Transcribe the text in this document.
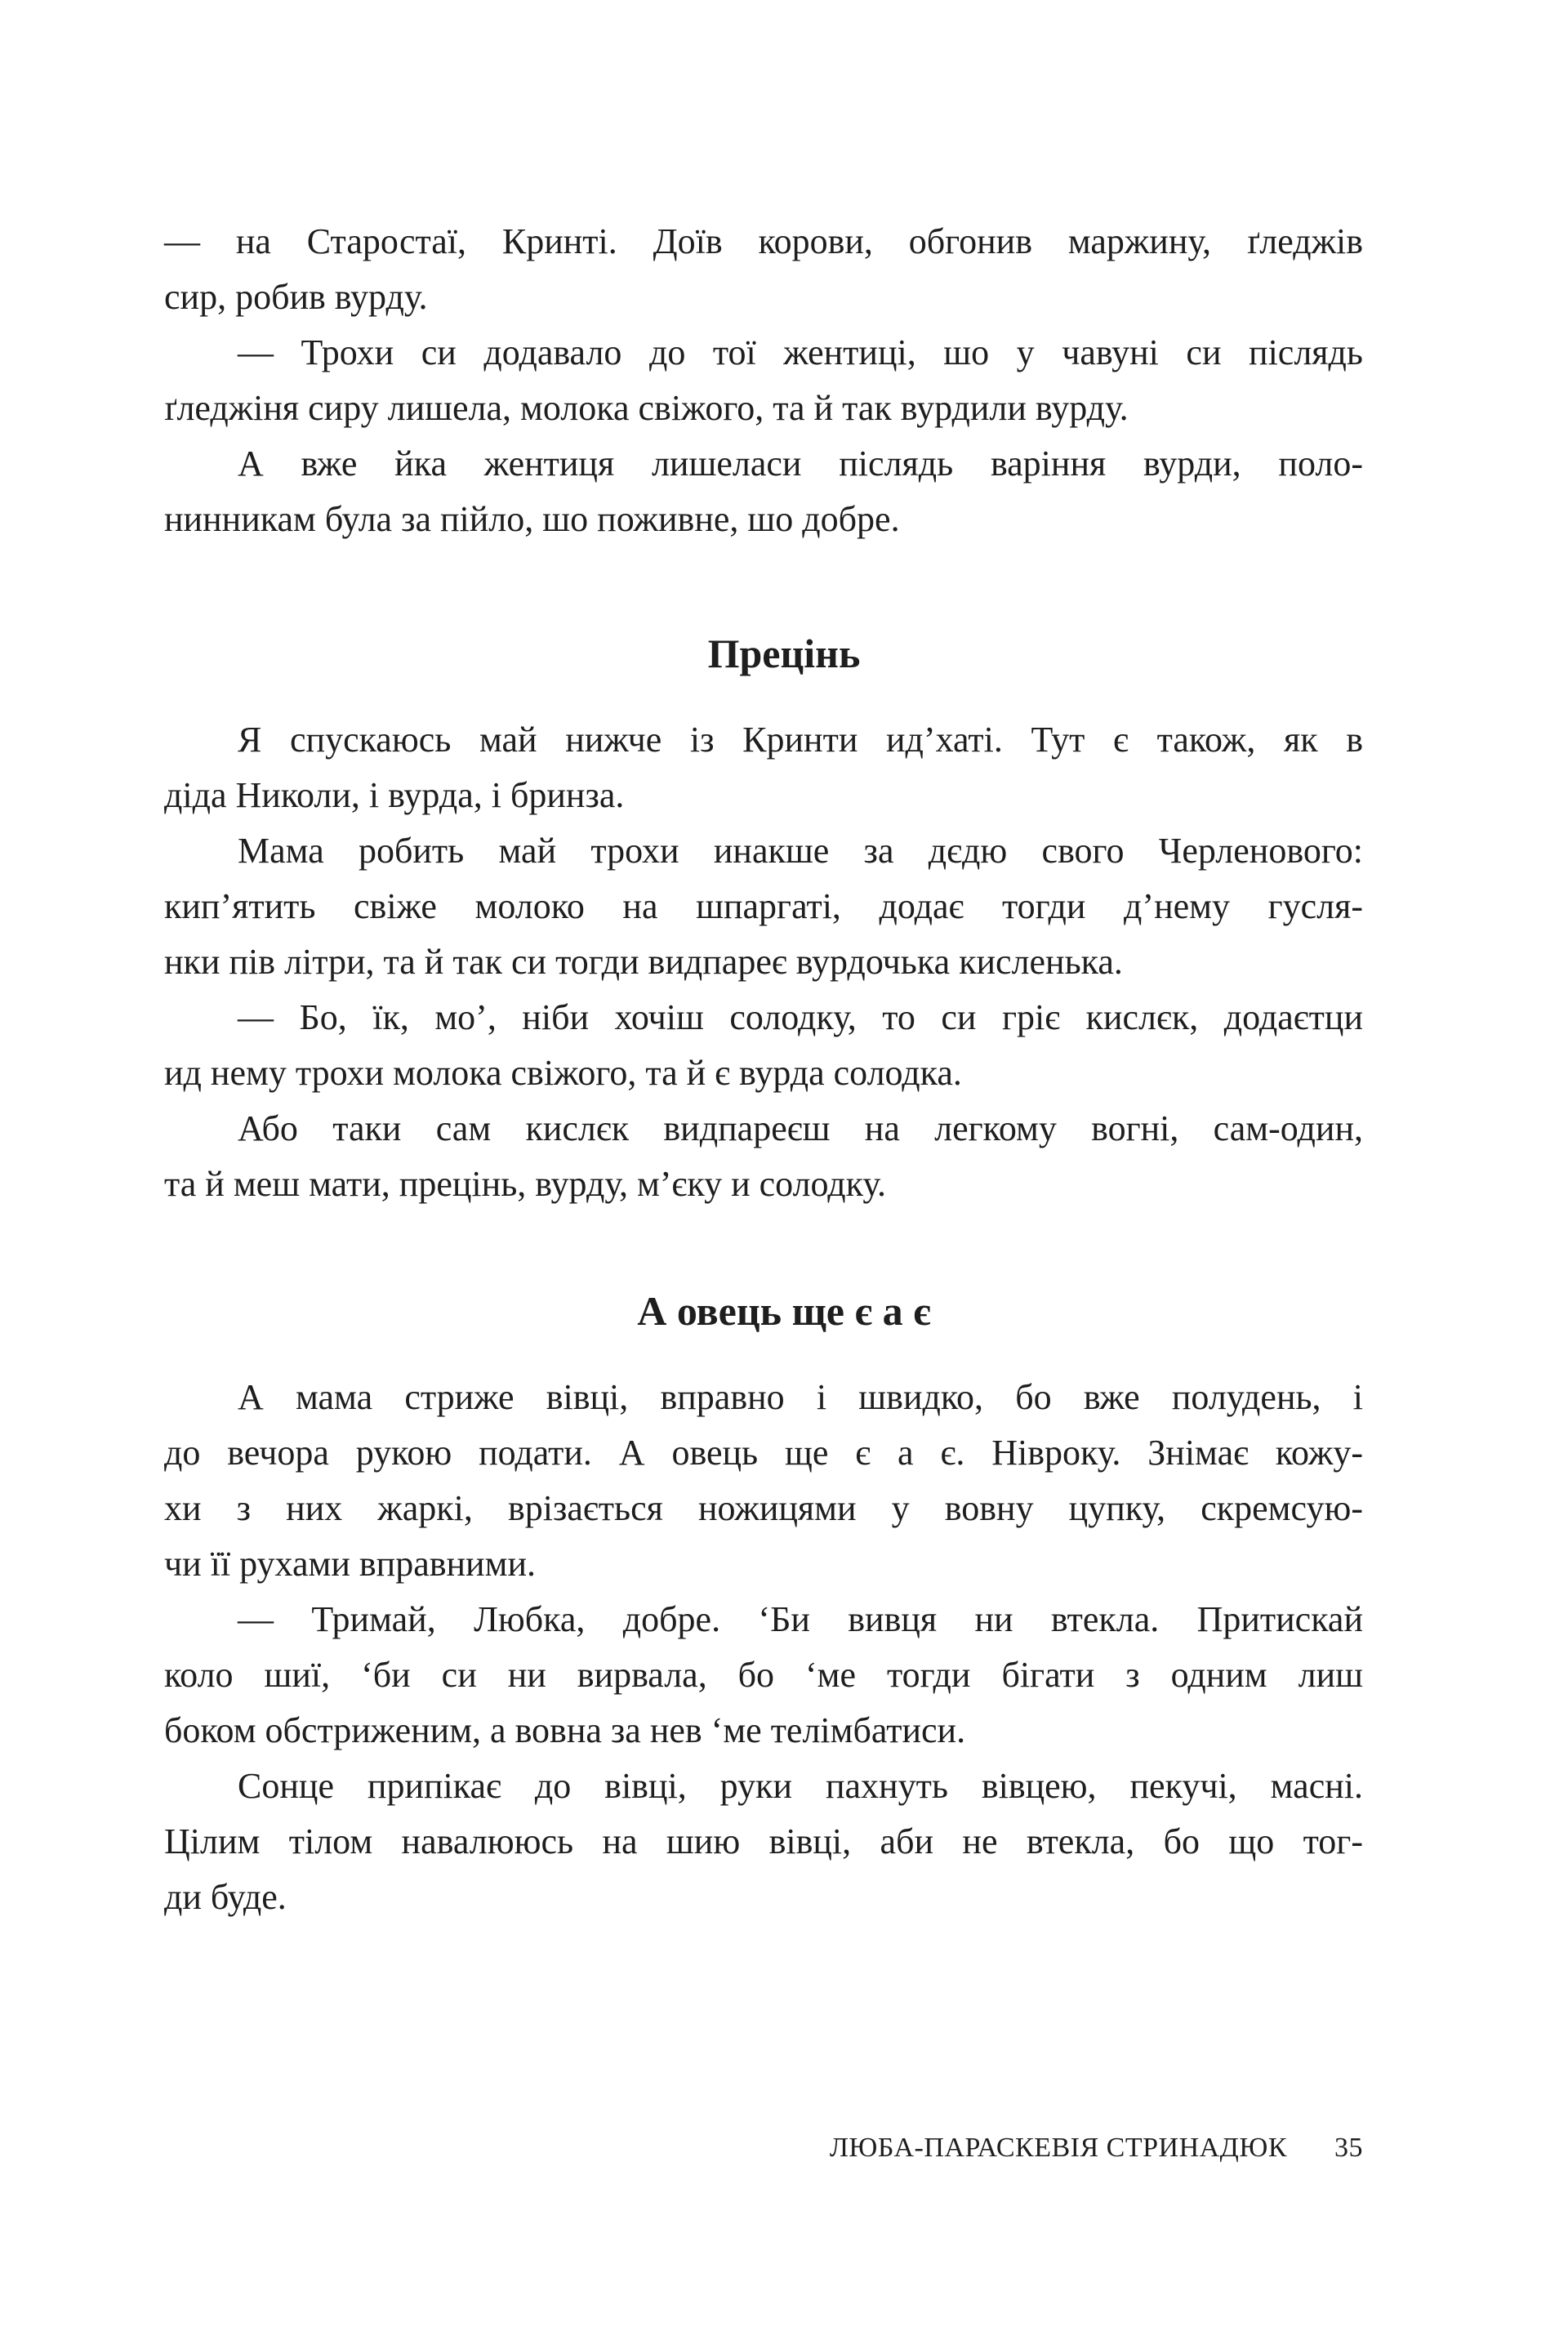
— на Старостаї, Кринті. Доїв корови, обгонив маржину, ґледжів
сир, робив вурду.
— Трохи си додавало до тої жентиці, шо у чавуні си післядь
ґледжіня сиру лишела, молока свіжого, та й так вурдили вурду.
А вже йка жентиця лишеласи післядь варіння вурди, поло-
нинникам була за пійло, шо поживне, шо добре.
Прецінь
Я спускаюсь май нижче із Кринти ид’хаті. Тут є також, як в
діда Николи, і вурда, і бринза.
Мама робить май трохи инакше за дєдю свого Черленового:
кип’ятить свіже молоко на шпаргаті, додає тогди д’нему гусля-
нки пів літри, та й так си тогди видпареє вурдочька кисленька.
— Бо, їк, мо’, ніби хочіш солодку, то си гріє кислєк, додаєтци
ид нему трохи молока свіжого, та й є вурда солодка.
Або таки сам кислєк видпареєш на легкому вогні, сам-один,
та й меш мати, прецінь, вурду, м’єку и солодку.
А овець ще є а є
А мама стриже вівці, вправно і швидко, бо вже полудень, і
до вечора рукою подати. А овець ще є а є. Нівроку. Знімає кожу-
хи з них жаркі, врізається ножицями у вовну цупку, скремсую-
чи її рухами вправними.
— Тримай, Любка, добре. ‘Би вивця ни втекла. Притискай
коло шиї, ‘би си ни вирвала, бо ‘ме тогди бігати з одним лиш
боком обстриженим, а вовна за нев ‘ме телімбатиси.
Сонце припікає до вівці, руки пахнуть вівцею, пекучі, масні.
Цілим тілом навалююсь на шию вівці, аби не втекла, бо що тог-
ди буде.
ЛЮБА-ПАРАСКЕВІЯ СТРИНАДЮК 35
